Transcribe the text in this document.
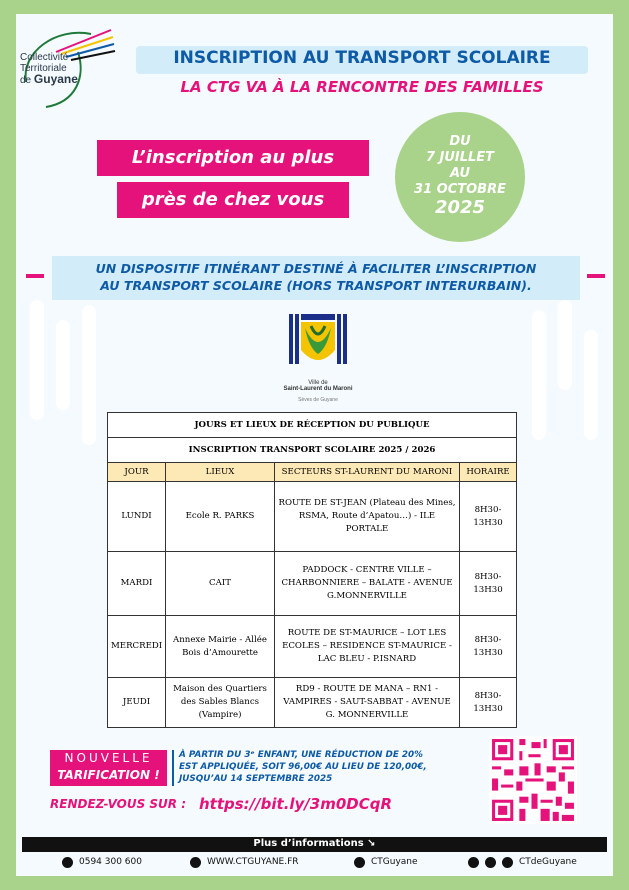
Collectivité
Territoriale
de Guyane
INSCRIPTION AU TRANSPORT SCOLAIRE
LA CTG VA À LA RENCONTRE DES FAMILLES
L’inscription au plus
près de chez vous
DU
7 JUILLET
AU
31 OCTOBRE
2025
UN DISPOSITIF ITINÉRANT DESTINÉ À FACILITER L’INSCRIPTION
AU TRANSPORT SCOLAIRE (HORS TRANSPORT INTERURBAIN).
Ville de
Saint-Laurent du Maroni
Sèves de Guyane
JOURS ET LIEUX DE RÉCEPTION DU PUBLIQUE			
INSCRIPTION TRANSPORT SCOLAIRE 2025 / 2026			
JOUR	LIEUX	SECTEURS ST-LAURENT DU MARONI	HORAIRE
LUNDI	Ecole R. PARKS	ROUTE DE ST-JEAN (Plateau des Mines, RSMA, Route d’Apatou…) - ILE PORTALE	8H30-13H30
MARDI	CAIT	PADDOCK - CENTRE VILLE – CHARBONNIERE – BALATE - AVENUE G.MONNERVILLE	8H30-13H30
MERCREDI	Annexe Mairie - Allée Bois d’Amourette	ROUTE DE ST-MAURICE – LOT LES ECOLES – RESIDENCE ST-MAURICE - LAC BLEU - P.ISNARD	8H30-13H30
JEUDI	Maison des Quartiers des Sables Blancs (Vampire)	RD9 - ROUTE DE MANA – RN1 - VAMPIRES - SAUT-SABBAT - AVENUE G. MONNERVILLE	8H30-13H30
NOUVELLE
TARIFICATION !
À PARTIR DU 3ᵉ ENFANT, UNE RÉDUCTION DE 20%
EST APPLIQUÉE, SOIT 96,00€ AU LIEU DE 120,00€,
JUSQU’AU 14 SEPTEMBRE 2025
RENDEZ-VOUS SUR : https://bit.ly/3m0DCqR
Plus d’informations ↘
0594 300 600	WWW.CTGUYANE.FR	CTGuyane	CTdeGuyane
